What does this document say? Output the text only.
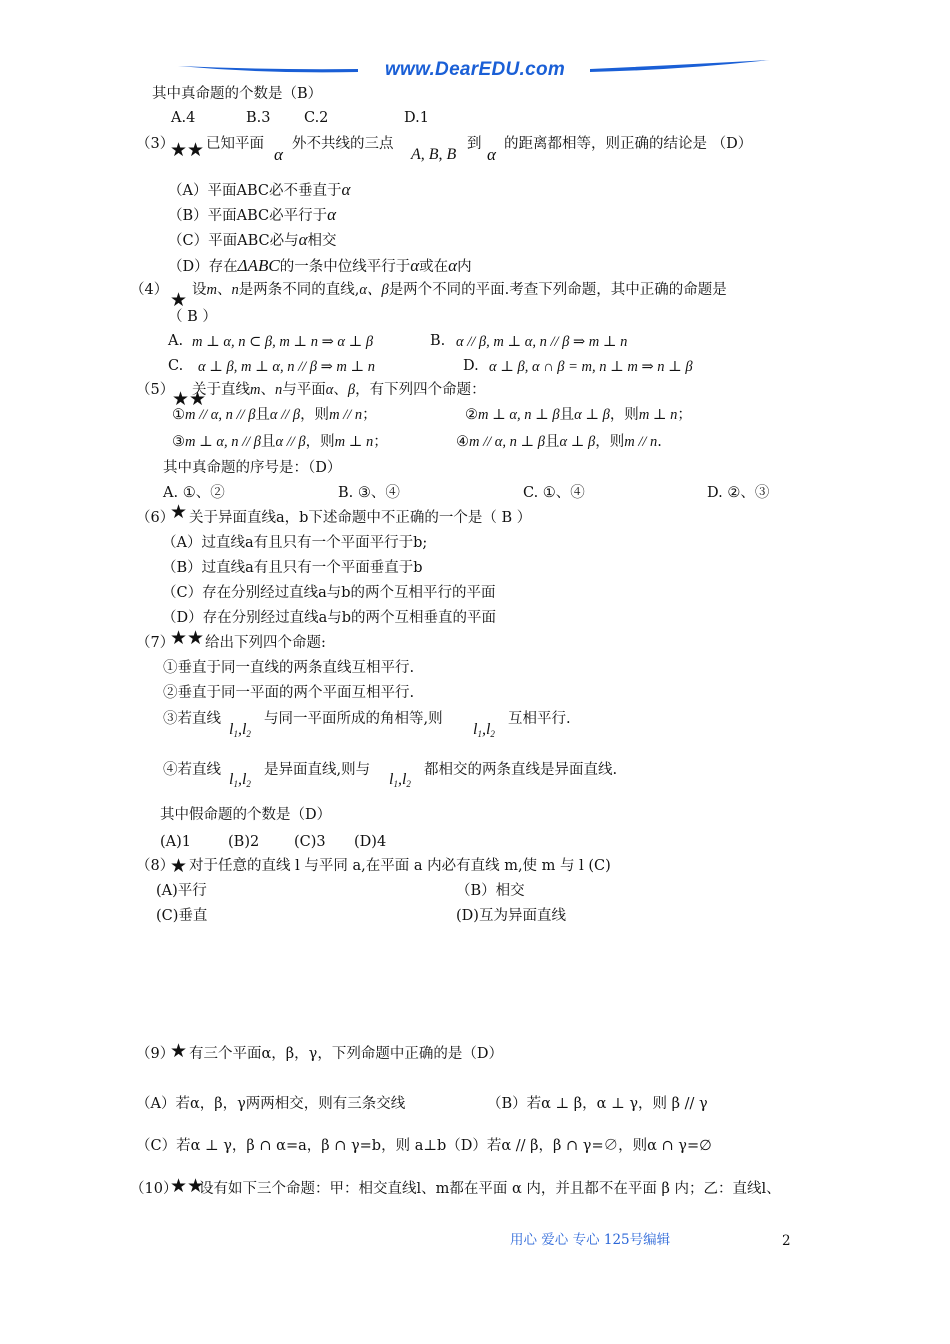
www.DearEDU.com
其中真命题的个数是（B）
A.4	B.3 C.2	D.1
（3）
★★ 已知平面
α
外不共线的三点
A, B, B
到
α
的距离都相等，则正确的结论是 （D）
（A）平面ABC必不垂直于α
（B）平面ABC必平行于α
（C）平面ABC必与α相交
（D）存在ΔABC的一条中位线平行于α或在α内
（4） ★ 设m、n是两条不同的直线,α、β是两个不同的平面.考查下列命题，其中正确的命题是
（ B ）
A. m ⊥ α, n ⊂ β, m ⊥ n ⇒ α ⊥ β	B. α // β, m ⊥ α, n // β ⇒ m ⊥ n
C. α ⊥ β, m ⊥ α, n // β ⇒ m ⊥ n	D. α ⊥ β, α ∩ β = m, n ⊥ m ⇒ n ⊥ β
（5）
★★
关于直线m、n与平面α、β，有下列四个命题：
①m // α, n // β且α // β，则m // n；	②m ⊥ α, n ⊥ β且α ⊥ β，则m ⊥ n；
③m ⊥ α, n // β且α // β，则m ⊥ n；	④m // α, n ⊥ β且α ⊥ β，则m // n.
其中真命题的序号是：（D）
A. ①、②	B. ③、④	C. ①、④	D. ②、③
（6）
★ 关于异面直线a，b下述命题中不正确的一个是（ B ）
（A）过直线a有且只有一个平面平行于b;
（B）过直线a有且只有一个平面垂直于b
（C）存在分别经过直线a与b的两个互相平行的平面
（D）存在分别经过直线a与b的两个互相垂直的平面
（7）
★★ 给出下列四个命题:
①垂直于同一直线的两条直线互相平行.
②垂直于同一平面的两个平面互相平行.
③若直线
$l_1,l_2$
与同一平面所成的角相等,则
$l_1,l_2$
互相平行.
④若直线
$l_1,l_2$
是异面直线,则与
$l_1,l_2$
都相交的两条直线是异面直线.
其中假命题的个数是（D）
(A)1	(B)2 (C)3 (D)4
（8）
★ 对于任意的直线 l 与平同 a,在平面 a 内必有直线 m,使 m 与 l (C)
(A)平行	（B）相交
(C)垂直	(D)互为异面直线
（9）
★ 有三个平面α，β，γ，下列命题中正确的是（D）
（A）若α，β，γ两两相交，则有三条交线	（B）若α ⊥ β，α ⊥ γ，则 β // γ
（C）若α ⊥ γ，β ∩ α=a，β ∩ γ=b，则 a⊥b（D）若α // β，β ∩ γ=∅，则α ∩ γ=∅
（10）
★★
设有如下三个命题：甲：相交直线l、m都在平面 α 内，并且都不在平面 β 内；乙：直线l、
用心 爱心 专心 125号编辑	2
